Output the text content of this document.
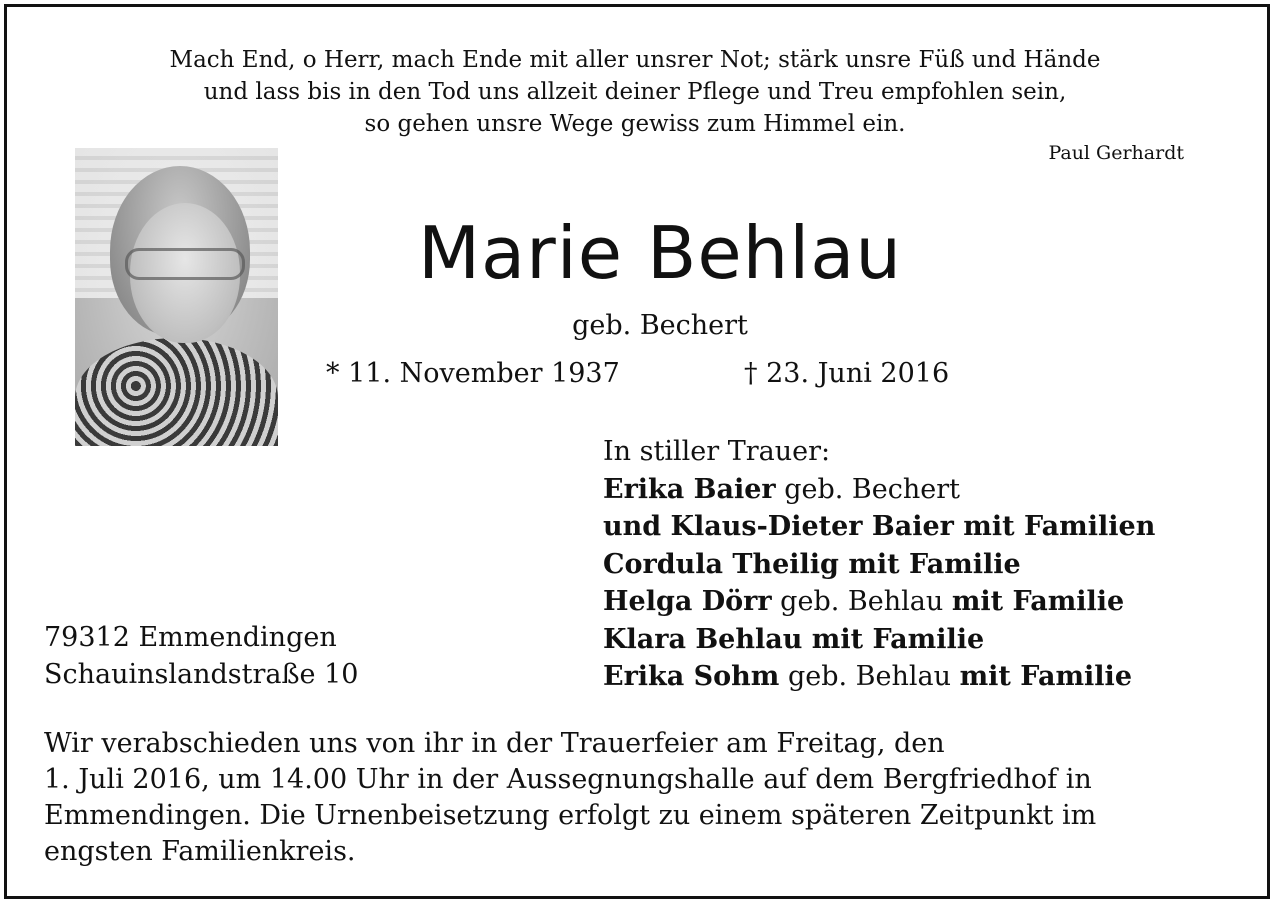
Mach End, o Herr, mach Ende mit aller unsrer Not; stärk unsre Füß und Hände
und lass bis in den Tod uns allzeit deiner Pflege und Treu empfohlen sein,
so gehen unsre Wege gewiss zum Himmel ein.
Paul Gerhardt
Marie Behlau
geb. Bechert
* 11. November 1937	† 23. Juni 2016
In stiller Trauer:
Erika Baier geb. Bechert
und Klaus-Dieter Baier mit Familien
Cordula Theilig mit Familie
Helga Dörr geb. Behlau mit Familie
Klara Behlau mit Familie
Erika Sohm geb. Behlau mit Familie
79312 Emmendingen
Schauinslandstraße 10
Wir verabschieden uns von ihr in der Trauerfeier am Freitag, den
1. Juli 2016, um 14.00 Uhr in der Aussegnungshalle auf dem Bergfriedhof in
Emmendingen. Die Urnenbeisetzung erfolgt zu einem späteren Zeitpunkt im
engsten Familienkreis.
